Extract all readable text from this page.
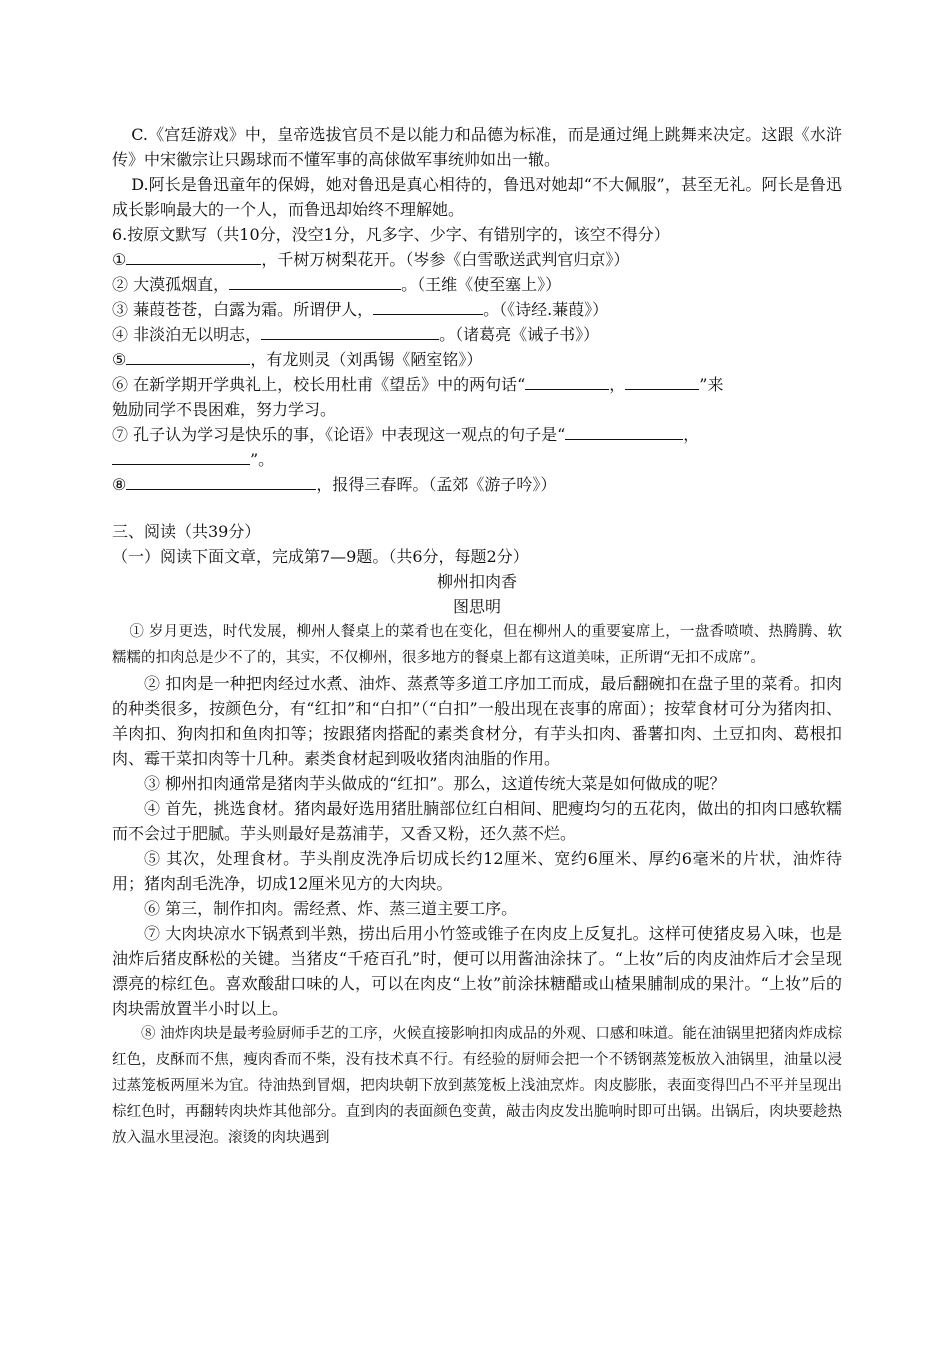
C.《宫廷游戏》中，皇帝选拔官员不是以能力和品德为标准，而是通过绳上跳舞来决定。这跟《水浒传》中宋徽宗让只踢球而不懂军事的高俅做军事统帅如出一辙。
D.阿长是鲁迅童年的保姆，她对鲁迅是真心相待的，鲁迅对她却“不大佩服”，甚至无礼。阿长是鲁迅成长影响最大的一个人，而鲁迅却始终不理解她。
6.按原文默写（共10分，没空1分，凡多字、少字、有错别字的，该空不得分）
①	，千树万树梨花开。（岑参《白雪歌送武判官归京》）
② 大漠孤烟直，	。（王维《使至塞上》）
③ 蒹葭苍苍，白露为霜。所谓伊人，	。（《诗经.蒹葭》）
④ 非淡泊无以明志，	。（诸葛亮《诫子书》）
⑤	，有龙则灵（刘禹锡《陋室铭》）
⑥ 在新学期开学典礼上，校长用杜甫《望岳》中的两句话“	，	”来
勉励同学不畏困难，努力学习。
⑦ 孔子认为学习是快乐的事，《论语》中表现这一观点的句子是“	，
”。
⑧	，报得三春晖。（孟郊《游子吟》）
三、阅读（共39分）
（一）阅读下面文章，完成第7—9题。（共6分，每题2分）
柳州扣肉香
图思明
① 岁月更迭，时代发展，柳州人餐桌上的菜肴也在变化，但在柳州人的重要宴席上，一盘香喷喷、热腾腾、软糯糯的扣肉总是少不了的，其实，不仅柳州，很多地方的餐桌上都有这道美味，正所谓“无扣不成席”。
② 扣肉是一种把肉经过水煮、油炸、蒸煮等多道工序加工而成，最后翻碗扣在盘子里的菜肴。扣肉的种类很多，按颜色分，有“红扣”和“白扣”（“白扣”一般出现在丧事的席面）；按荤食材可分为猪肉扣、羊肉扣、狗肉扣和鱼肉扣等；按跟猪肉搭配的素类食材分，有芋头扣肉、番薯扣肉、土豆扣肉、葛根扣肉、霉干菜扣肉等十几种。素类食材起到吸收猪肉油脂的作用。
③ 柳州扣肉通常是猪肉芋头做成的“红扣”。那么，这道传统大菜是如何做成的呢？
④ 首先，挑选食材。猪肉最好选用猪肚腩部位红白相间、肥瘦均匀的五花肉，做出的扣肉口感软糯而不会过于肥腻。芋头则最好是荔浦芋，又香又粉，还久蒸不烂。
⑤ 其次，处理食材。芋头削皮洗净后切成长约12厘米、宽约6厘米、厚约6毫米的片状，油炸待用；猪肉刮毛洗净，切成12厘米见方的大肉块。
⑥ 第三，制作扣肉。需经煮、炸、蒸三道主要工序。
⑦ 大肉块凉水下锅煮到半熟，捞出后用小竹签或锥子在肉皮上反复扎。这样可使猪皮易入味，也是油炸后猪皮酥松的关键。当猪皮“千疮百孔”时，便可以用酱油涂抹了。“上妆”后的肉皮油炸后才会呈现漂亮的棕红色。喜欢酸甜口味的人，可以在肉皮“上妆”前涂抹糖醋或山楂果脯制成的果汁。“上妆”后的肉块需放置半小时以上。
⑧ 油炸肉块是最考验厨师手艺的工序，火候直接影响扣肉成品的外观、口感和味道。能在油锅里把猪肉炸成棕红色，皮酥而不焦，瘦肉香而不柴，没有技术真不行。有经验的厨师会把一个不锈钢蒸笼板放入油锅里，油量以浸过蒸笼板两厘米为宜。待油热到冒烟，把肉块朝下放到蒸笼板上浅油烹炸。肉皮膨胀，表面变得凹凸不平并呈现出棕红色时，再翻转肉块炸其他部分。直到肉的表面颜色变黄，敲击肉皮发出脆响时即可出锅。出锅后，肉块要趁热放入温水里浸泡。滚烫的肉块遇到
